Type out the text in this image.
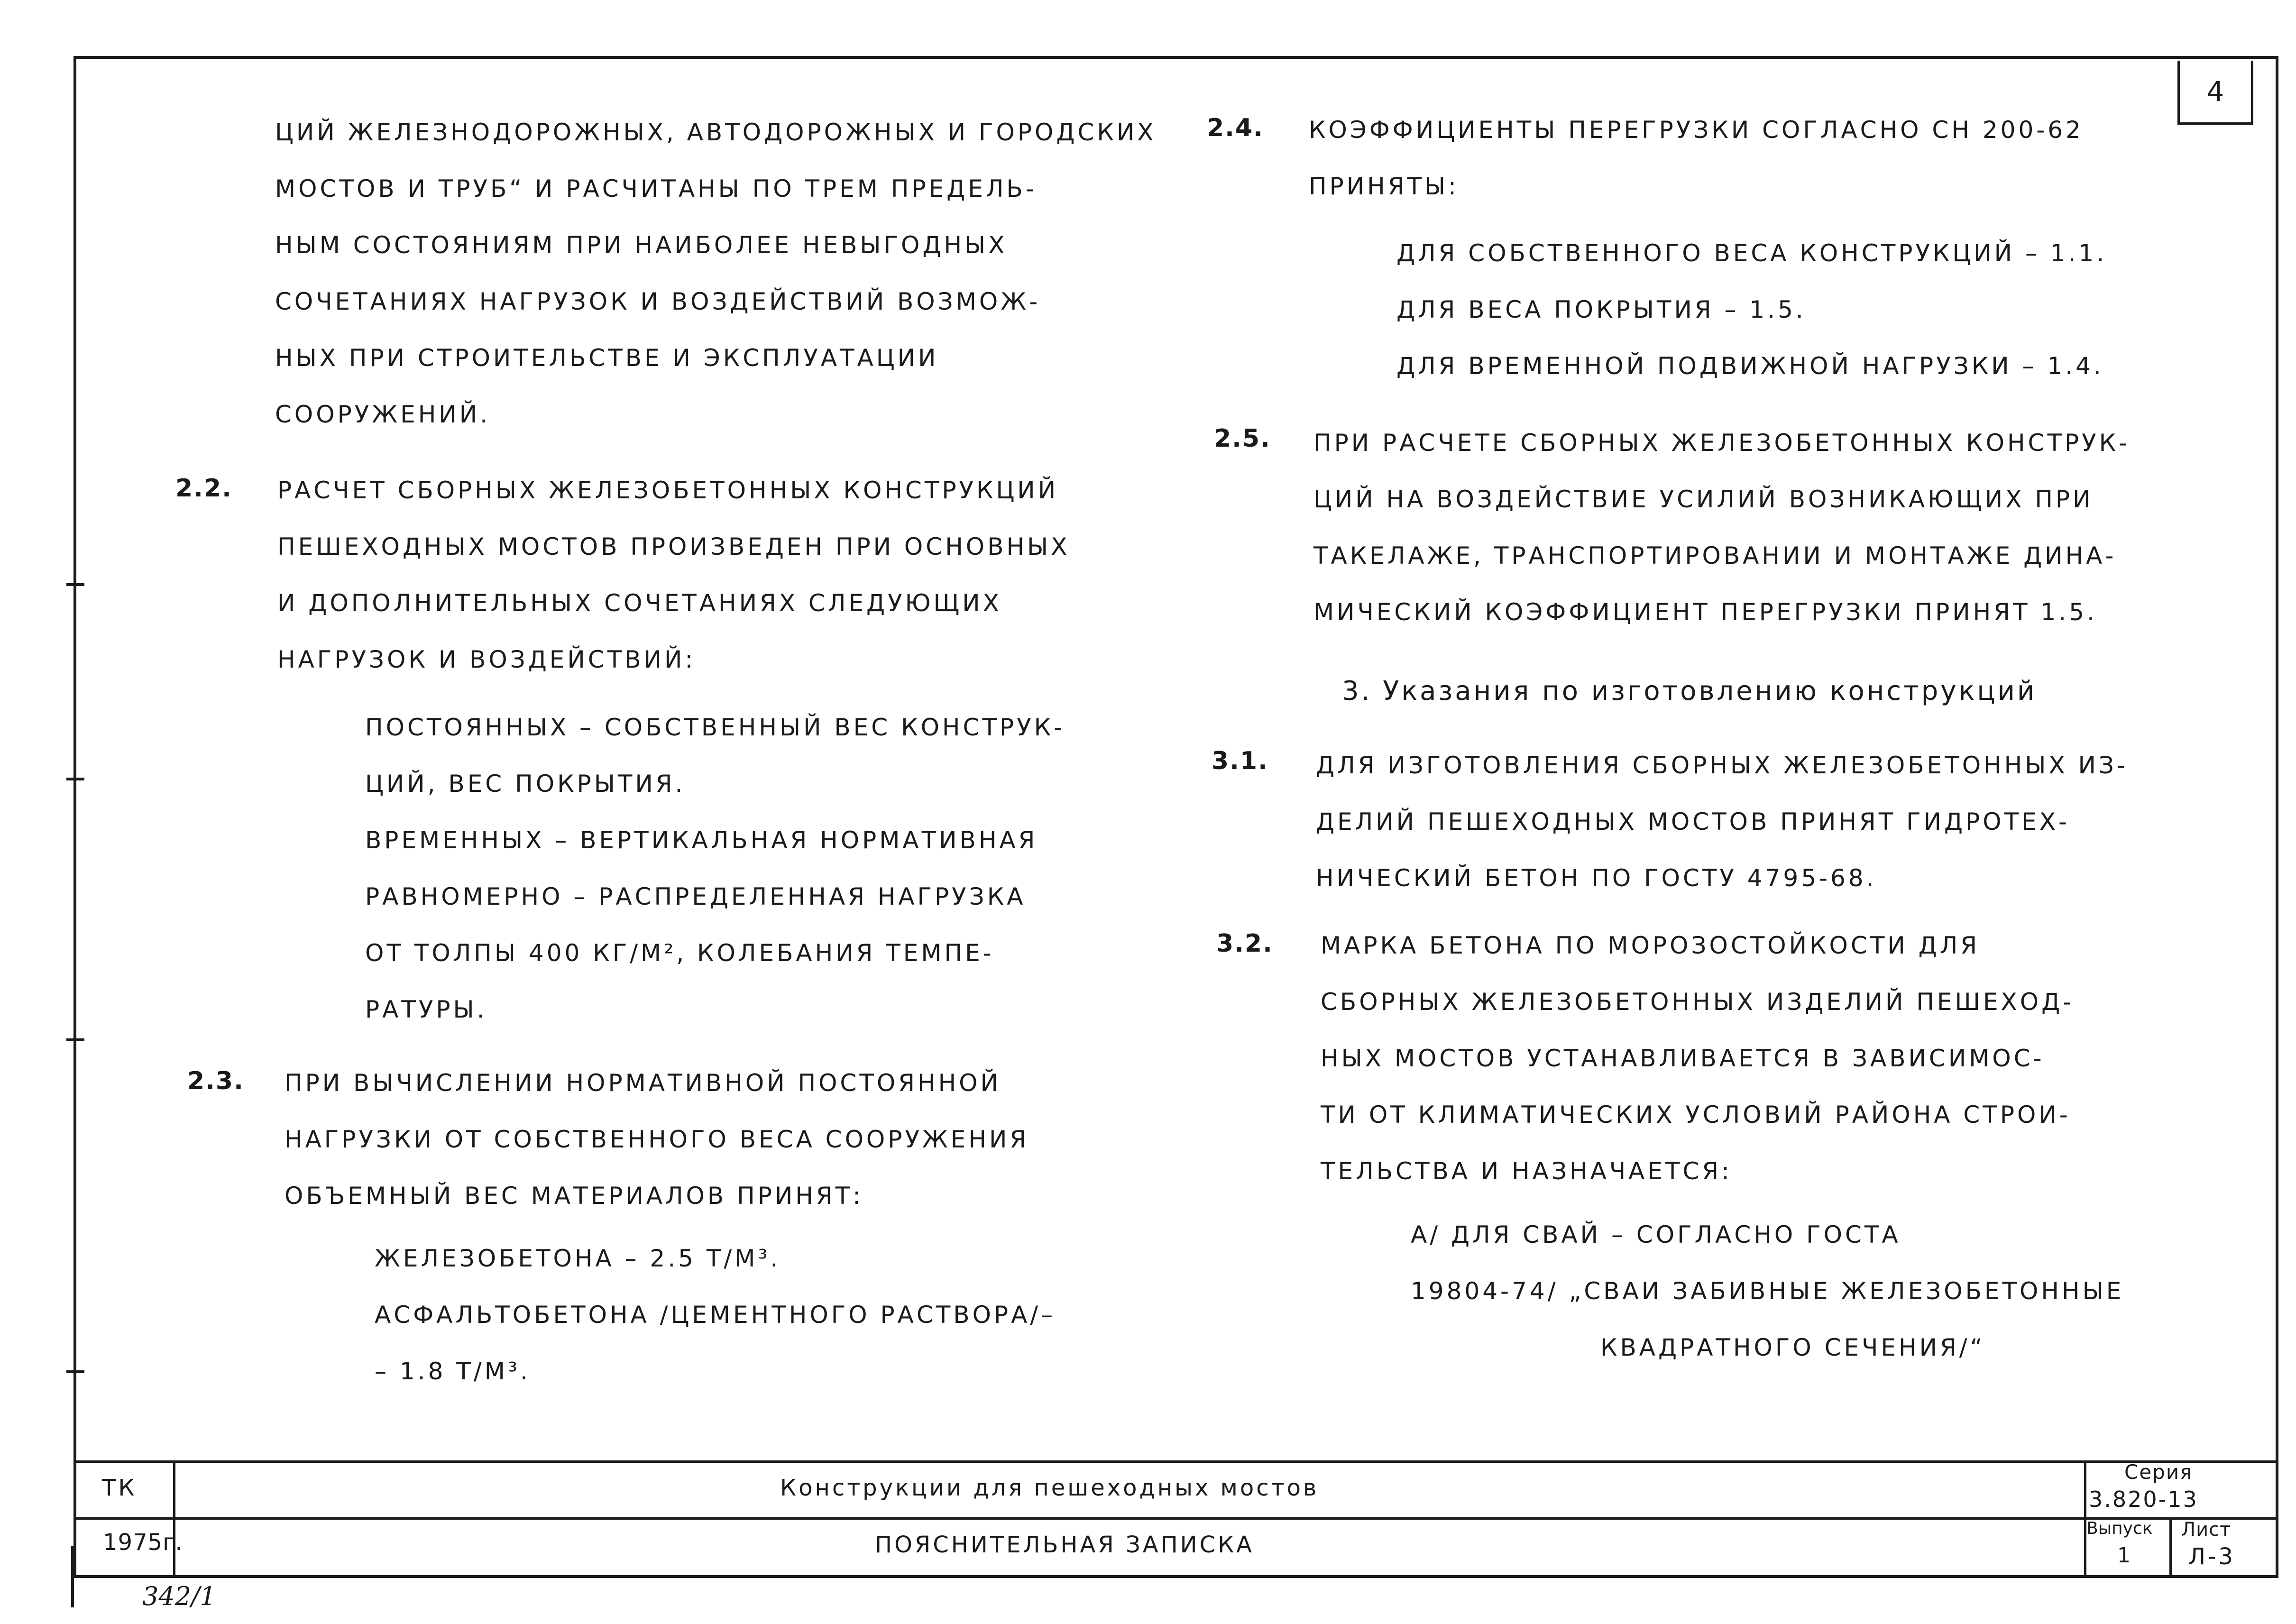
4
ЦИЙ ЖЕЛЕЗНОДОРОЖНЫХ, АВТОДОРОЖНЫХ И ГОРОДСКИХ
МОСТОВ И ТРУБ“ И РАСЧИТАНЫ ПО ТРЕМ ПРЕДЕЛЬ-
НЫМ СОСТОЯНИЯМ ПРИ НАИБОЛЕЕ НЕВЫГОДНЫХ
СОЧЕТАНИЯХ НАГРУЗОК И ВОЗДЕЙСТВИЙ ВОЗМОЖ-
НЫХ ПРИ СТРОИТЕЛЬСТВЕ И ЭКСПЛУАТАЦИИ
СООРУЖЕНИЙ.
2.2. РАСЧЕТ СБОРНЫХ ЖЕЛЕЗОБЕТОННЫХ КОНСТРУКЦИЙ
ПЕШЕХОДНЫХ МОСТОВ ПРОИЗВЕДЕН ПРИ ОСНОВНЫХ
И ДОПОЛНИТЕЛЬНЫХ СОЧЕТАНИЯХ СЛЕДУЮЩИХ
НАГРУЗОК И ВОЗДЕЙСТВИЙ:
ПОСТОЯННЫХ – СОБСТВЕННЫЙ ВЕС КОНСТРУК-
ЦИЙ, ВЕС ПОКРЫТИЯ.
ВРЕМЕННЫХ – ВЕРТИКАЛЬНАЯ НОРМАТИВНАЯ
РАВНОМЕРНО – РАСПРЕДЕЛЕННАЯ НАГРУЗКА
ОТ ТОЛПЫ 400 КГ/М², КОЛЕБАНИЯ ТЕМПЕ-
РАТУРЫ.
2.3. ПРИ ВЫЧИСЛЕНИИ НОРМАТИВНОЙ ПОСТОЯННОЙ
НАГРУЗКИ ОТ СОБСТВЕННОГО ВЕСА СООРУЖЕНИЯ
ОБЪЕМНЫЙ ВЕС МАТЕРИАЛОВ ПРИНЯТ:
ЖЕЛЕЗОБЕТОНА – 2.5 Т/М³.
АСФАЛЬТОБЕТОНА /ЦЕМЕНТНОГО РАСТВОРА/–
– 1.8 Т/М³.
2.4. КОЭФФИЦИЕНТЫ ПЕРЕГРУЗКИ СОГЛАСНО СН 200-62
ПРИНЯТЫ:
ДЛЯ СОБСТВЕННОГО ВЕСА КОНСТРУКЦИЙ – 1.1.
ДЛЯ ВЕСА ПОКРЫТИЯ – 1.5.
ДЛЯ ВРЕМЕННОЙ ПОДВИЖНОЙ НАГРУЗКИ – 1.4.
2.5. ПРИ РАСЧЕТЕ СБОРНЫХ ЖЕЛЕЗОБЕТОННЫХ КОНСТРУК-
ЦИЙ НА ВОЗДЕЙСТВИЕ УСИЛИЙ ВОЗНИКАЮЩИХ ПРИ
ТАКЕЛАЖЕ, ТРАНСПОРТИРОВАНИИ И МОНТАЖЕ ДИНА-
МИЧЕСКИЙ КОЭФФИЦИЕНТ ПЕРЕГРУЗКИ ПРИНЯТ 1.5.
3. Указания по изготовлению конструкций
3.1. ДЛЯ ИЗГОТОВЛЕНИЯ СБОРНЫХ ЖЕЛЕЗОБЕТОННЫХ ИЗ-
ДЕЛИЙ ПЕШЕХОДНЫХ МОСТОВ ПРИНЯТ ГИДРОТЕХ-
НИЧЕСКИЙ БЕТОН ПО ГОСТУ 4795-68.
3.2. МАРКА БЕТОНА ПО МОРОЗОСТОЙКОСТИ ДЛЯ
СБОРНЫХ ЖЕЛЕЗОБЕТОННЫХ ИЗДЕЛИЙ ПЕШЕХОД-
НЫХ МОСТОВ УСТАНАВЛИВАЕТСЯ В ЗАВИСИМОС-
ТИ ОТ КЛИМАТИЧЕСКИХ УСЛОВИЙ РАЙОНА СТРОИ-
ТЕЛЬСТВА И НАЗНАЧАЕТСЯ:
А/ ДЛЯ СВАЙ – СОГЛАСНО ГОСТА
19804-74/ „СВАИ ЗАБИВНЫЕ ЖЕЛЕЗОБЕТОННЫЕ
КВАДРАТНОГО СЕЧЕНИЯ/“
ТК
1975г.
Конструкции для пешеходных мостов
ПОЯСНИТЕЛЬНАЯ ЗАПИСКА
Серия
3.820-13
Выпуск
1
Лист
Л-3
342/1
